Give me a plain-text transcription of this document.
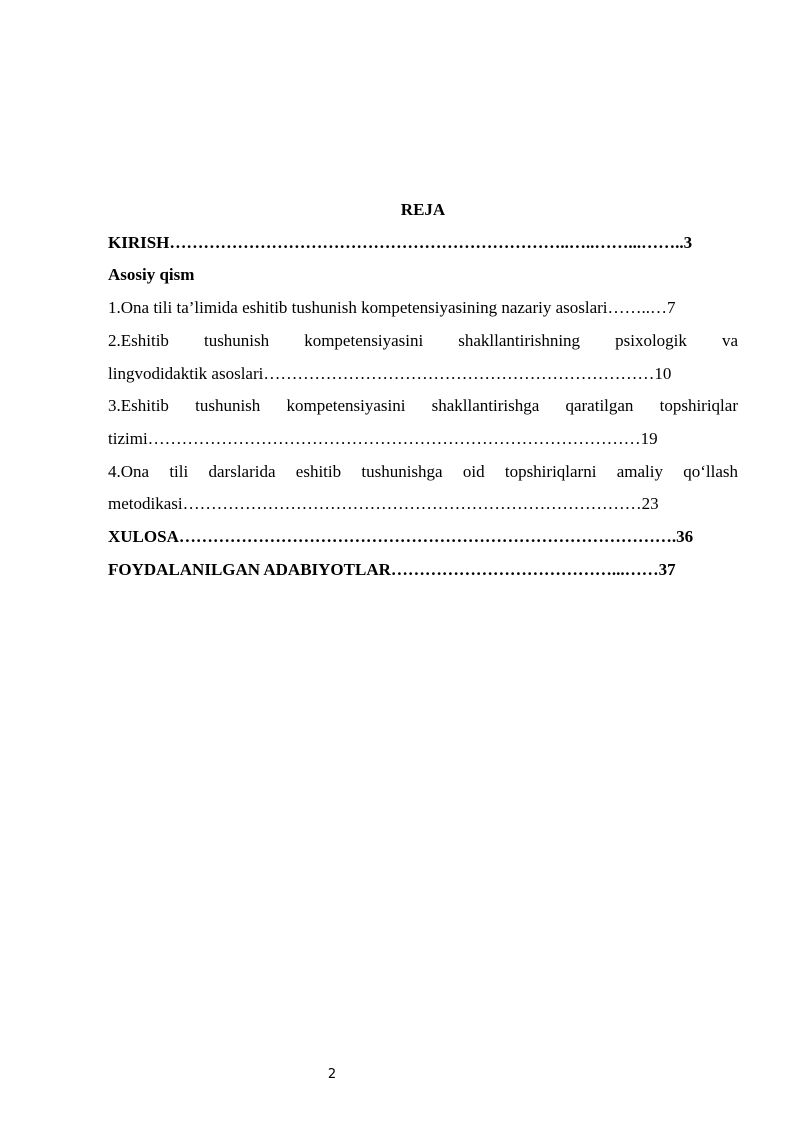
REJA
KIRISH……………………………………………………………..…..……...……..3
Asosiy qism
1.Ona tili ta’limida eshitib tushunish kompetensiyasining nazariy asoslari……..…7
2.Eshitib tushunish kompetensiyasini shakllantirishning psixologik va
lingvodidaktik asoslari……………………………………………………………10
3.Eshitib tushunish kompetensiyasini shakllantirishga qaratilgan topshiriqlar
tizimi……………………………………………………………………………19
4.Ona tili darslarida eshitib tushunishga oid topshiriqlarni amaliy qo‘llash
metodikasi………………………………………………………………………23
XULOSA…………………………………………………………………………….36
FOYDALANILGAN ADABIYOTLAR…………………………………...……37
2
